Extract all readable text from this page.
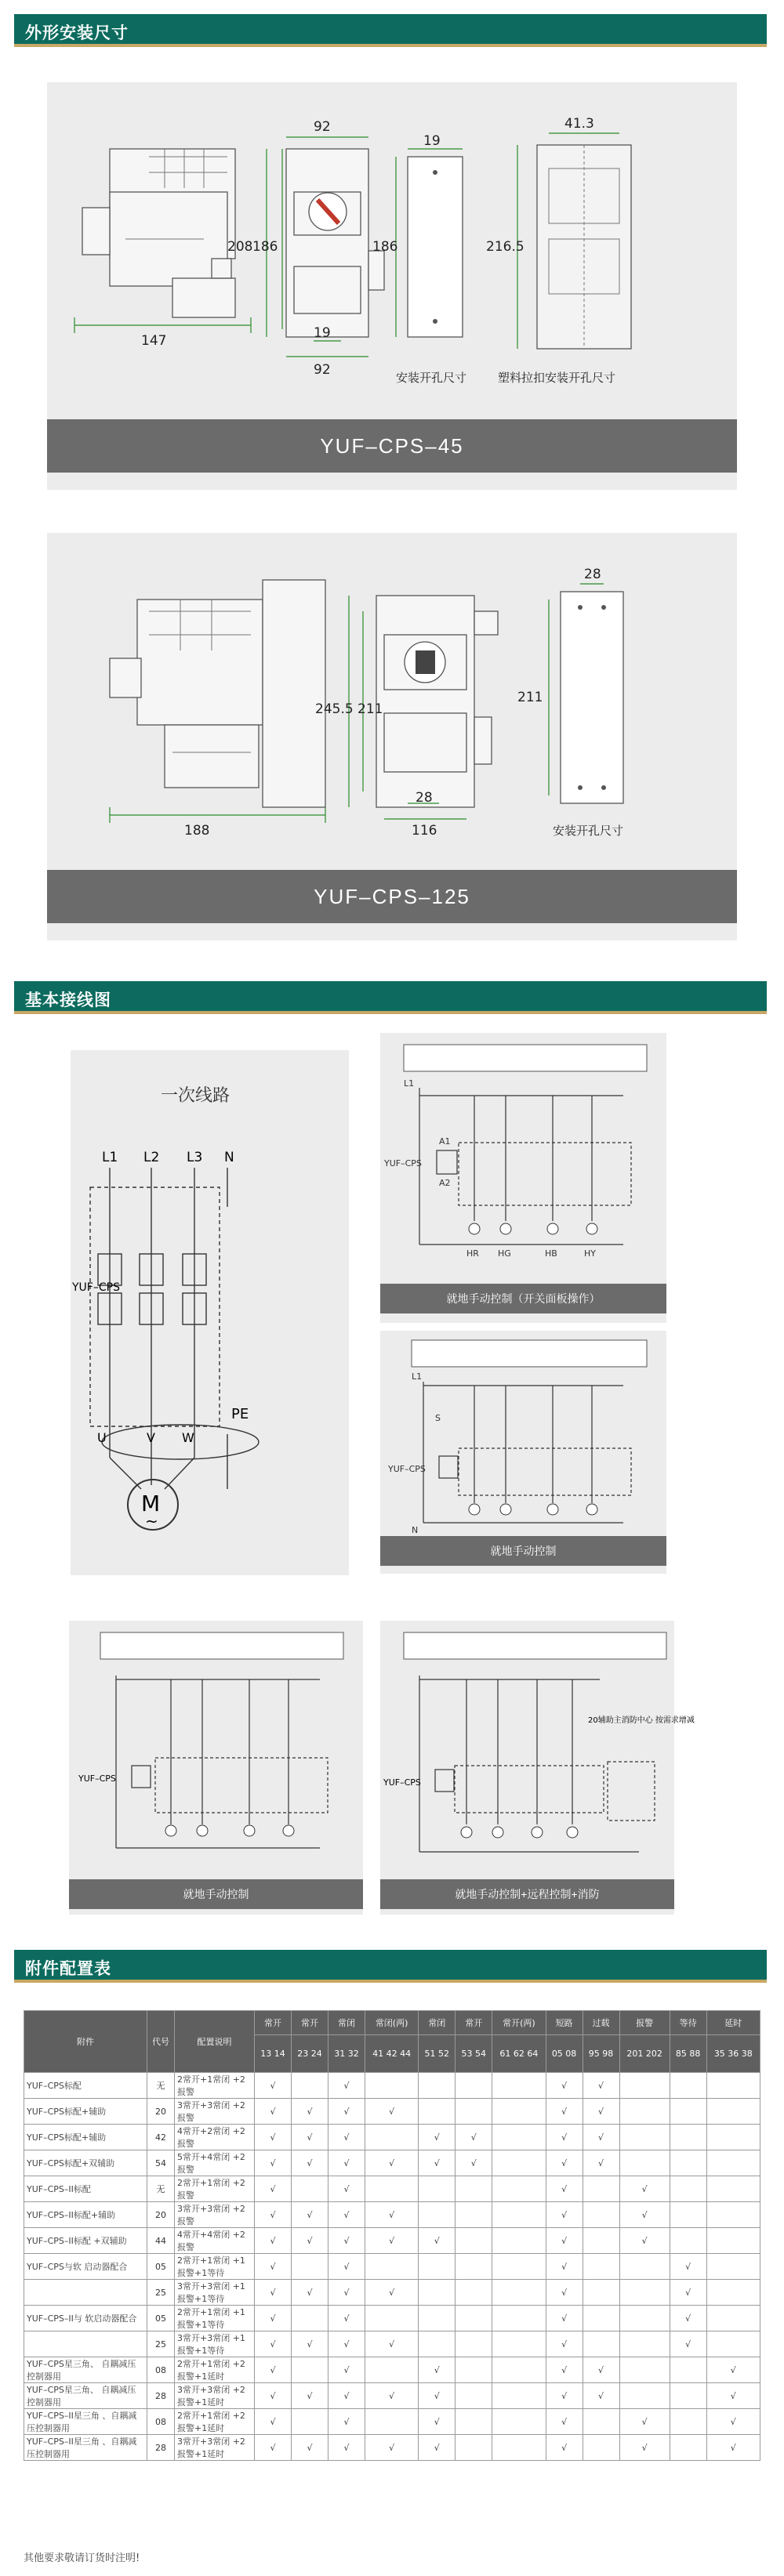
外形安装尺寸
147
92
208 186
19
92
19
186
安装开孔尺寸
41.3
216.5
塑料拉扣安装开孔尺寸
YUF–CPS–45
188
245.5 211
28
116
28
211
安装开孔尺寸
YUF–CPS–125
基本接线图
一次线路
L1 L2 L3 N
YUF–CPS
U	V W
PE
M
~
L1
A1
A2
YUF–CPS
HR HG	HB	HY
就地手动控制（开关面板操作）
L1
S
YUF–CPS
N
就地手动控制
YUF–CPS
就地手动控制
YUF–CPS
20辅助主消防中心 按需求增减
就地手动控制+远程控制+消防
附件配置表
附件	代号	配置说明	常开	常开	常闭	常闭(两)	常闭	常开	常开(两)	短路	过载	报警	等待	延时
			13 14	23 24	31 32	41 42 44	51 52	53 54	61 62 64	05 08	95 98	201 202	85 88	35 36 38
YUF–CPS标配	无	2常开+1常闭 +2报警	√		√					√	√			
YUF–CPS标配+辅助	20	3常开+3常闭 +2报警	√	√	√	√				√	√			
YUF–CPS标配+辅助	42	4常开+2常闭 +2报警	√	√	√		√	√		√	√			
YUF–CPS标配+双辅助	54	5常开+4常闭 +2报警	√	√	√	√	√	√		√	√			
YUF–CPS–II标配	无	2常开+1常闭 +2报警	√		√					√		√		
YUF–CPS–II标配+辅助	20	3常开+3常闭 +2报警	√	√	√	√				√		√		
YUF–CPS–II标配 +双辅助	44	4常开+4常闭 +2报警	√	√	√	√	√			√		√		
YUF–CPS与软 启动器配合	05	2常开+1常闭 +1报警+1等待	√		√					√			√	
	25	3常开+3常闭 +1报警+1等待	√	√	√	√				√			√	
YUF–CPS–II与 软启动器配合	05	2常开+1常闭 +1报警+1等待	√		√					√			√	
	25	3常开+3常闭 +1报警+1等待	√	√	√	√				√			√	
YUF–CPS星三角、 自耦减压控制器用	08	2常开+1常闭 +2报警+1延时	√		√		√			√	√			√
YUF–CPS星三角、 自耦减压控制器用	28	3常开+3常闭 +2报警+1延时	√	√	√	√	√			√	√			√
YUF–CPS–II星三角 、自耦减压控制器用	08	2常开+1常闭 +2报警+1延时	√		√		√			√		√		√
YUF–CPS–II星三角 、自耦减压控制器用	28	3常开+3常闭 +2报警+1延时	√	√	√	√	√			√		√		√
其他要求敬请订货时注明!
